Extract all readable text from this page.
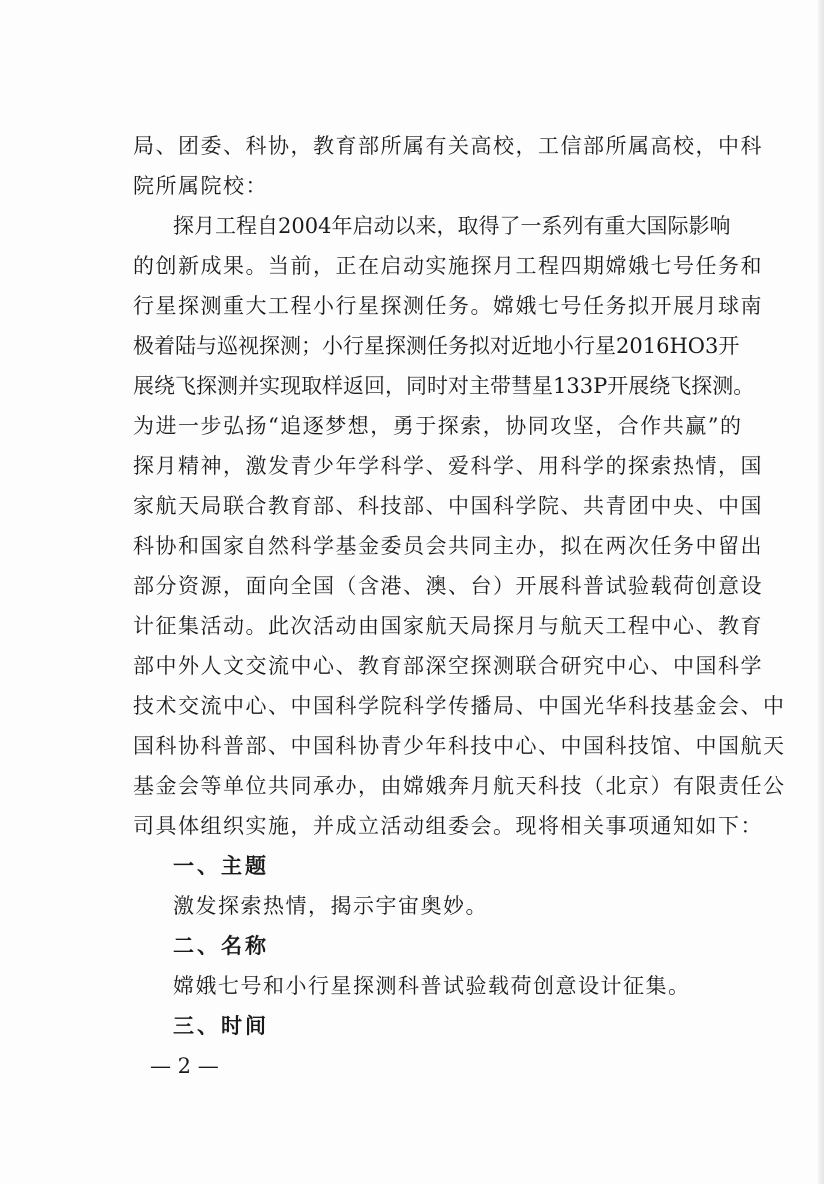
局、团委、科协，教育部所属有关高校，工信部所属高校，中科
院所属院校：
探月工程自2004年启动以来，取得了一系列有重大国际影响
的创新成果。当前，正在启动实施探月工程四期嫦娥七号任务和
行星探测重大工程小行星探测任务。嫦娥七号任务拟开展月球南
极着陆与巡视探测；小行星探测任务拟对近地小行星2016HO3开
展绕飞探测并实现取样返回，同时对主带彗星133P开展绕飞探测。
为进一步弘扬“追逐梦想，勇于探索，协同攻坚，合作共赢”的
探月精神，激发青少年学科学、爱科学、用科学的探索热情，国
家航天局联合教育部、科技部、中国科学院、共青团中央、中国
科协和国家自然科学基金委员会共同主办，拟在两次任务中留出
部分资源，面向全国（含港、澳、台）开展科普试验载荷创意设
计征集活动。此次活动由国家航天局探月与航天工程中心、教育
部中外人文交流中心、教育部深空探测联合研究中心、中国科学
技术交流中心、中国科学院科学传播局、中国光华科技基金会、中
国科协科普部、中国科协青少年科技中心、中国科技馆、中国航天
基金会等单位共同承办，由嫦娥奔月航天科技（北京）有限责任公
司具体组织实施，并成立活动组委会。现将相关事项通知如下：
一、主题
激发探索热情，揭示宇宙奥妙。
二、名称
嫦娥七号和小行星探测科普试验载荷创意设计征集。
三、时间
— 2 —
